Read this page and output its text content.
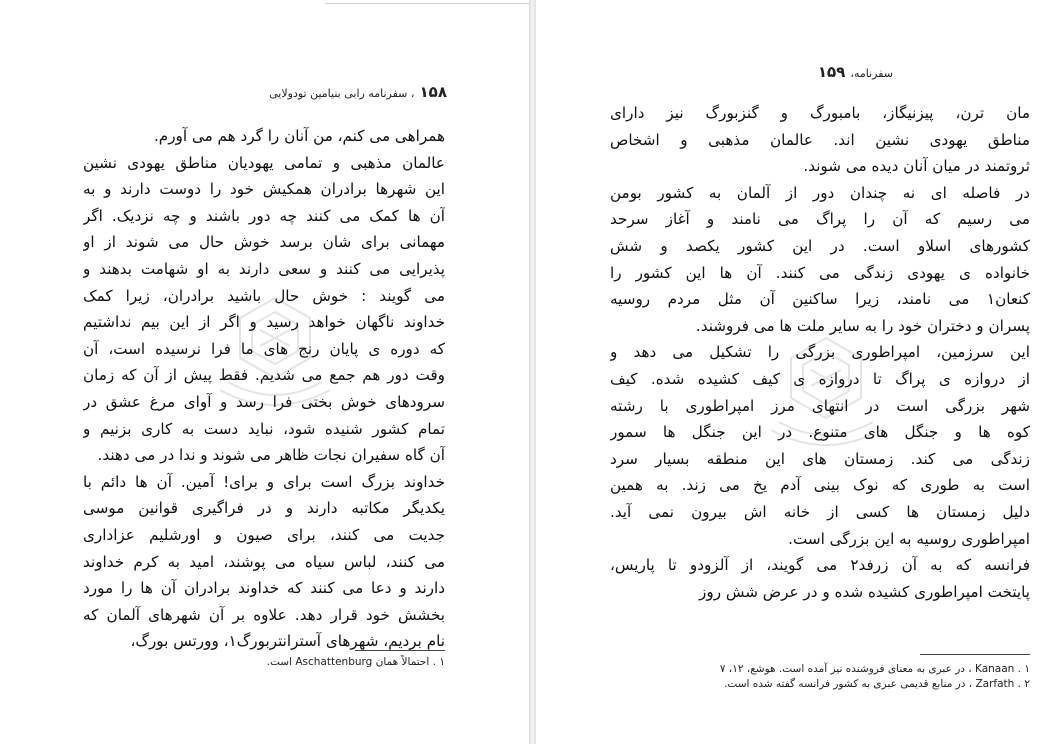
۱۵۸ ، سفرنامه رابی بنیامین تودولایی
همراهی می کنم، من آنان را گرد هم می آورم.
عالمان مذهبی و تمامی یهودیان مناطق یهودی نشین
این شهرها برادران همکیش خود را دوست دارند و به
آن ها کمک می کنند چه دور باشند و چه نزدیک. اگر
مهمانی برای شان برسد خوش حال می شوند از او
پذیرایی می کنند و سعی دارند به او شهامت بدهند و
می گویند : خوش حال باشید برادران، زیرا کمک
خداوند ناگهان خواهد رسید و اگر از این بیم نداشتیم
که دوره ی پایان رنج های ما فرا نرسیده است، آن
وقت دور هم جمع می شدیم. فقط پیش از آن که زمان
سرودهای خوش بختی فرا رسد و آوای مرغ عشق در
تمام کشور شنیده شود، نباید دست به کاری بزنیم و
آن گاه سفیران نجات ظاهر می شوند و ندا در می دهند.
خداوند بزرگ است برای و برای! آمین. آن ها دائم با
یکدیگر مکاتبه دارند و در فراگیری قوانین موسی
جدیت می کنند، برای صیون و اورشلیم عزاداری
می کنند، لباس سیاه می پوشند، امید به کرم خداوند
دارند و دعا می کنند که خداوند برادران آن ها را مورد
بخشش خود قرار دهد. علاوه بر آن شهرهای آلمان که
نام بردیم، شهرهای آسترانتربورگ۱، وورتس بورگ،
۱ . احتمالاً همان Aschattenburg است.
سفرنامه، ۱۵۹
مان ترن، پیزنیگاز، بامبورگ و گنزبورگ نیز دارای
مناطق یهودی نشین اند. عالمان مذهبی و اشخاص
ثروتمند در میان آنان دیده می شوند.
در فاصله ای نه چندان دور از آلمان به کشور بومن
می رسیم که آن را پراگ می نامند و آغاز سرحد
کشورهای اسلاو است. در این کشور یکصد و شش
خانواده ی یهودی زندگی می کنند. آن ها این کشور را
کنعان۱ می نامند، زیرا ساکنین آن مثل مردم روسیه
پسران و دختران خود را به سایر ملت ها می فروشند.
این سرزمین، امپراطوری بزرگی را تشکیل می دهد و
از دروازه ی پراگ تا دروازه ی کیف کشیده شده. کیف
شهر بزرگی است در انتهای مرز امپراطوری با رشته
کوه ها و جنگل های متنوع. در این جنگل ها سمور
زندگی می کند. زمستان های این منطقه بسیار سرد
است به طوری که نوک بینی آدم یخ می زند. به همین
دلیل زمستان ها کسی از خانه اش بیرون نمی آید.
امپراطوری روسیه به این بزرگی است.
فرانسه که به آن زرفد۲ می گویند، از آلزودو تا پاریس،
پایتخت امپراطوری کشیده شده و در عرض شش روز
۱ . Kanaan ، در عبری به معنای فروشنده نیز آمده است. هوشع، ۱۲، ۷
۲ . Zarfath ، در منابع قدیمی عبری به کشور فرانسه گفته شده است.
